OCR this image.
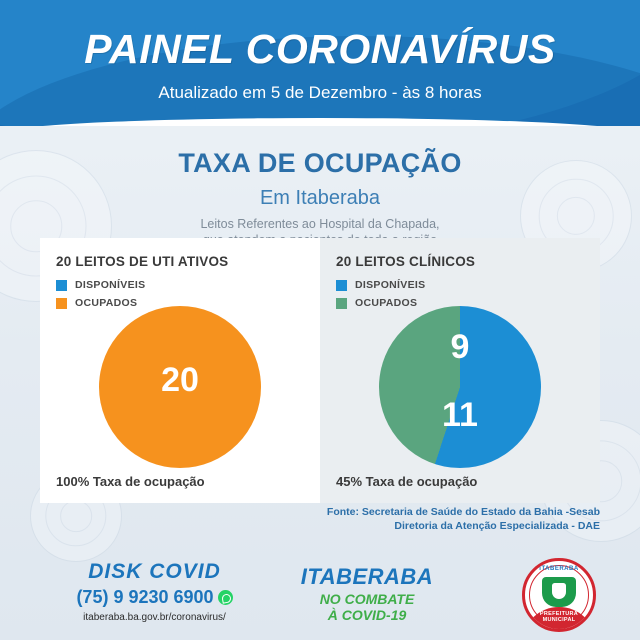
PAINEL CORONAVÍRUS
Atualizado em 5 de Dezembro - às 8 horas
TAXA DE OCUPAÇÃO
Em Itaberaba
Leitos Referentes ao Hospital da Chapada,

20 LEITOS DE UTI ATIVOS
DISPONÍVEIS
OCUPADOS
20
100% Taxa de ocupação
20 LEITOS CLÍNICOS
DISPONÍVEIS
OCUPADOS
9
11
45% Taxa de ocupação
Fonte: Secretaria de Saúde do Estado da Bahia -Sesab
Diretoria da Atenção Especializada - DAE
DISK COVID
(75) 9 9230 6900
itaberaba.ba.gov.br/coronavirus/
ITABERABA
NO COMBATE
À COVID-19
ITABERABA
PREFEITURA MUNICIPAL
